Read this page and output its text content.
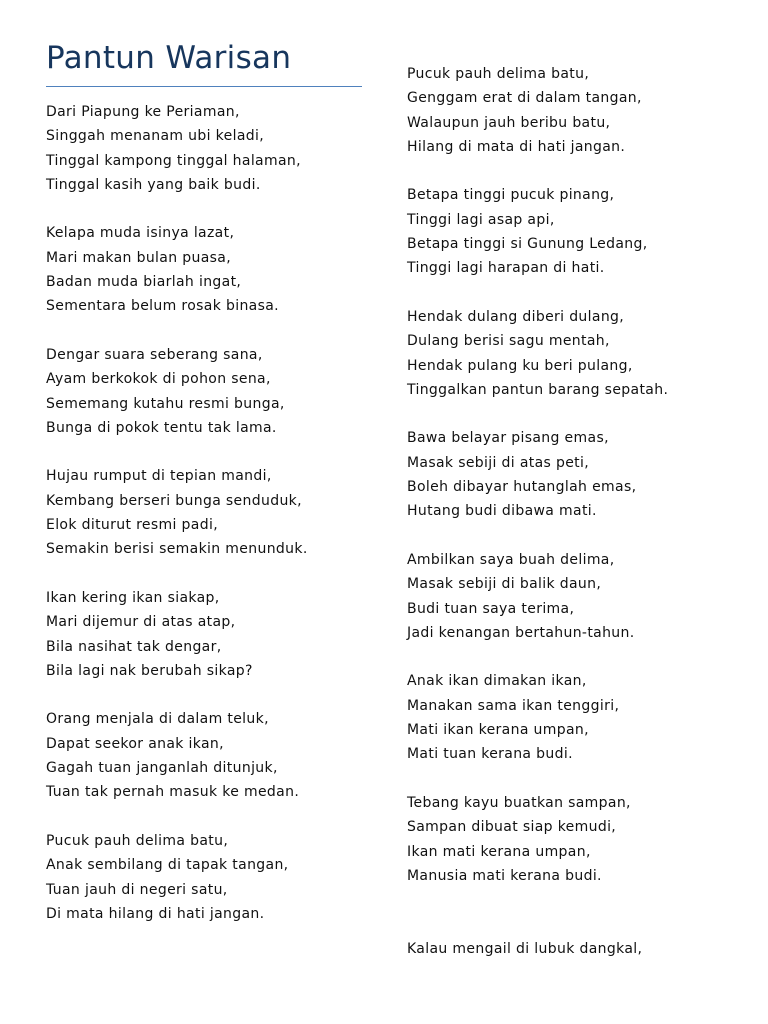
Pantun Warisan
Dari Piapung ke Periaman,
Singgah menanam ubi keladi,
Tinggal kampong tinggal halaman,
Tinggal kasih yang baik budi.
Kelapa muda isinya lazat,
Mari makan bulan puasa,
Badan muda biarlah ingat,
Sementara belum rosak binasa.
Dengar suara seberang sana,
Ayam berkokok di pohon sena,
Sememang kutahu resmi bunga,
Bunga di pokok tentu tak lama.
Hujau rumput di tepian mandi,
Kembang berseri bunga senduduk,
Elok diturut resmi padi,
Semakin berisi semakin menunduk.
Ikan kering ikan siakap,
Mari dijemur di atas atap,
Bila nasihat tak dengar,
Bila lagi nak berubah sikap?
Orang menjala di dalam teluk,
Dapat seekor anak ikan,
Gagah tuan janganlah ditunjuk,
Tuan tak pernah masuk ke medan.
Pucuk pauh delima batu,
Anak sembilang di tapak tangan,
Tuan jauh di negeri satu,
Di mata hilang di hati jangan.
Pucuk pauh delima batu,
Genggam erat di dalam tangan,
Walaupun jauh beribu batu,
Hilang di mata di hati jangan.
Betapa tinggi pucuk pinang,
Tinggi lagi asap api,
Betapa tinggi si Gunung Ledang,
Tinggi lagi harapan di hati.
Hendak dulang diberi dulang,
Dulang berisi sagu mentah,
Hendak pulang ku beri pulang,
Tinggalkan pantun barang sepatah.
Bawa belayar pisang emas,
Masak sebiji di atas peti,
Boleh dibayar hutanglah emas,
Hutang budi dibawa mati.
Ambilkan saya buah delima,
Masak sebiji di balik daun,
Budi tuan saya terima,
Jadi kenangan bertahun-tahun.
Anak ikan dimakan ikan,
Manakan sama ikan tenggiri,
Mati ikan kerana umpan,
Mati tuan kerana budi.
Tebang kayu buatkan sampan,
Sampan dibuat siap kemudi,
Ikan mati kerana umpan,
Manusia mati kerana budi.
Kalau mengail di lubuk dangkal,
